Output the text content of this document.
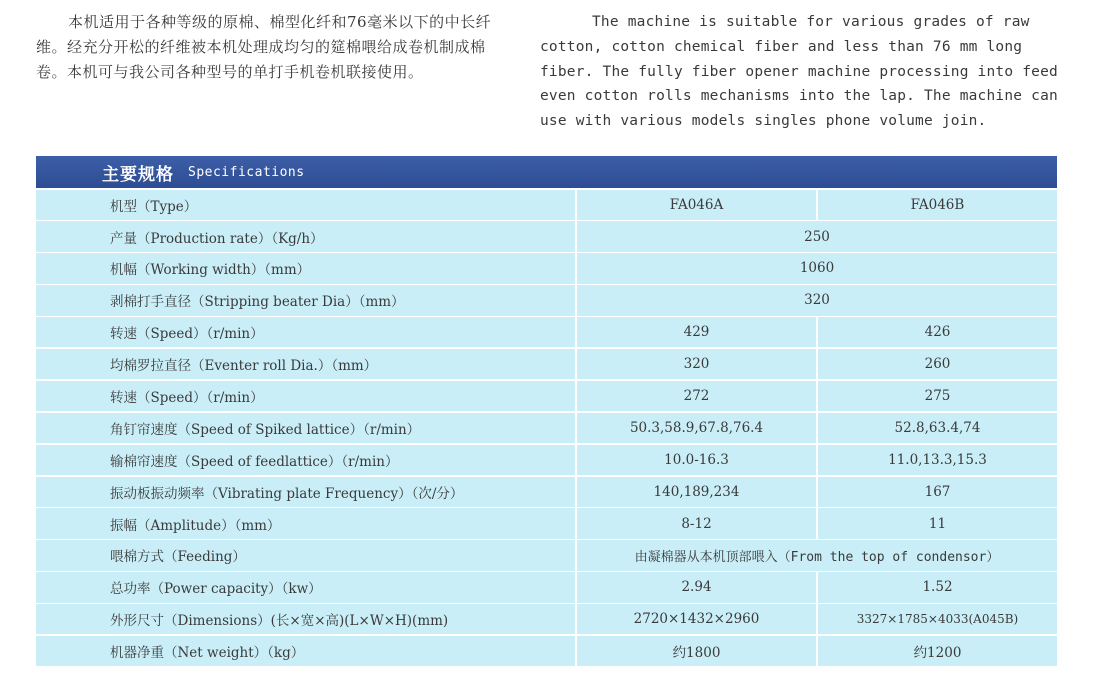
本机适用于各种等级的原棉、棉型化纤和76毫米以下的中长纤维。经充分开松的纤维被本机处理成均匀的筵棉喂给成卷机制成棉卷。本机可与我公司各种型号的单打手机卷机联接使用。
The machine is suitable for various grades of raw cotton, cotton chemical fiber and less than 76 mm long fiber. The fully fiber opener machine processing into feed even cotton rolls mechanisms into the lap. The machine can use with various models singles phone volume join.
主要规格 Specifications
机型（Type）	FA046A	FA046B
产量（Production rate）（Kg/h）	250
机幅（Working width）（mm）	1060
剥棉打手直径（Stripping beater Dia）（mm）	320
转速（Speed）（r/min）	429	426
均棉罗拉直径（Eventer roll Dia.）（mm）	320	260
转速（Speed）（r/min）	272	275
角钉帘速度（Speed of Spiked lattice）（r/min）	50.3,58.9,67.8,76.4	52.8,63.4,74
输棉帘速度（Speed of feedlattice）（r/min）	10.0-16.3	11.0,13.3,15.3
振动板振动频率（Vibrating plate Frequency）（次/分）	140,189,234	167
振幅（Amplitude）（mm）	8-12	11
喂棉方式（Feeding）	由凝棉器从本机顶部喂入（From the top of condensor）
总功率（Power capacity）（kw）	2.94	1.52
外形尺寸（Dimensions）(长×宽×高)(L×W×H)(mm)	2720×1432×2960	3327×1785×4033(A045B)
机器净重（Net weight）（kg）	约1800	约1200
